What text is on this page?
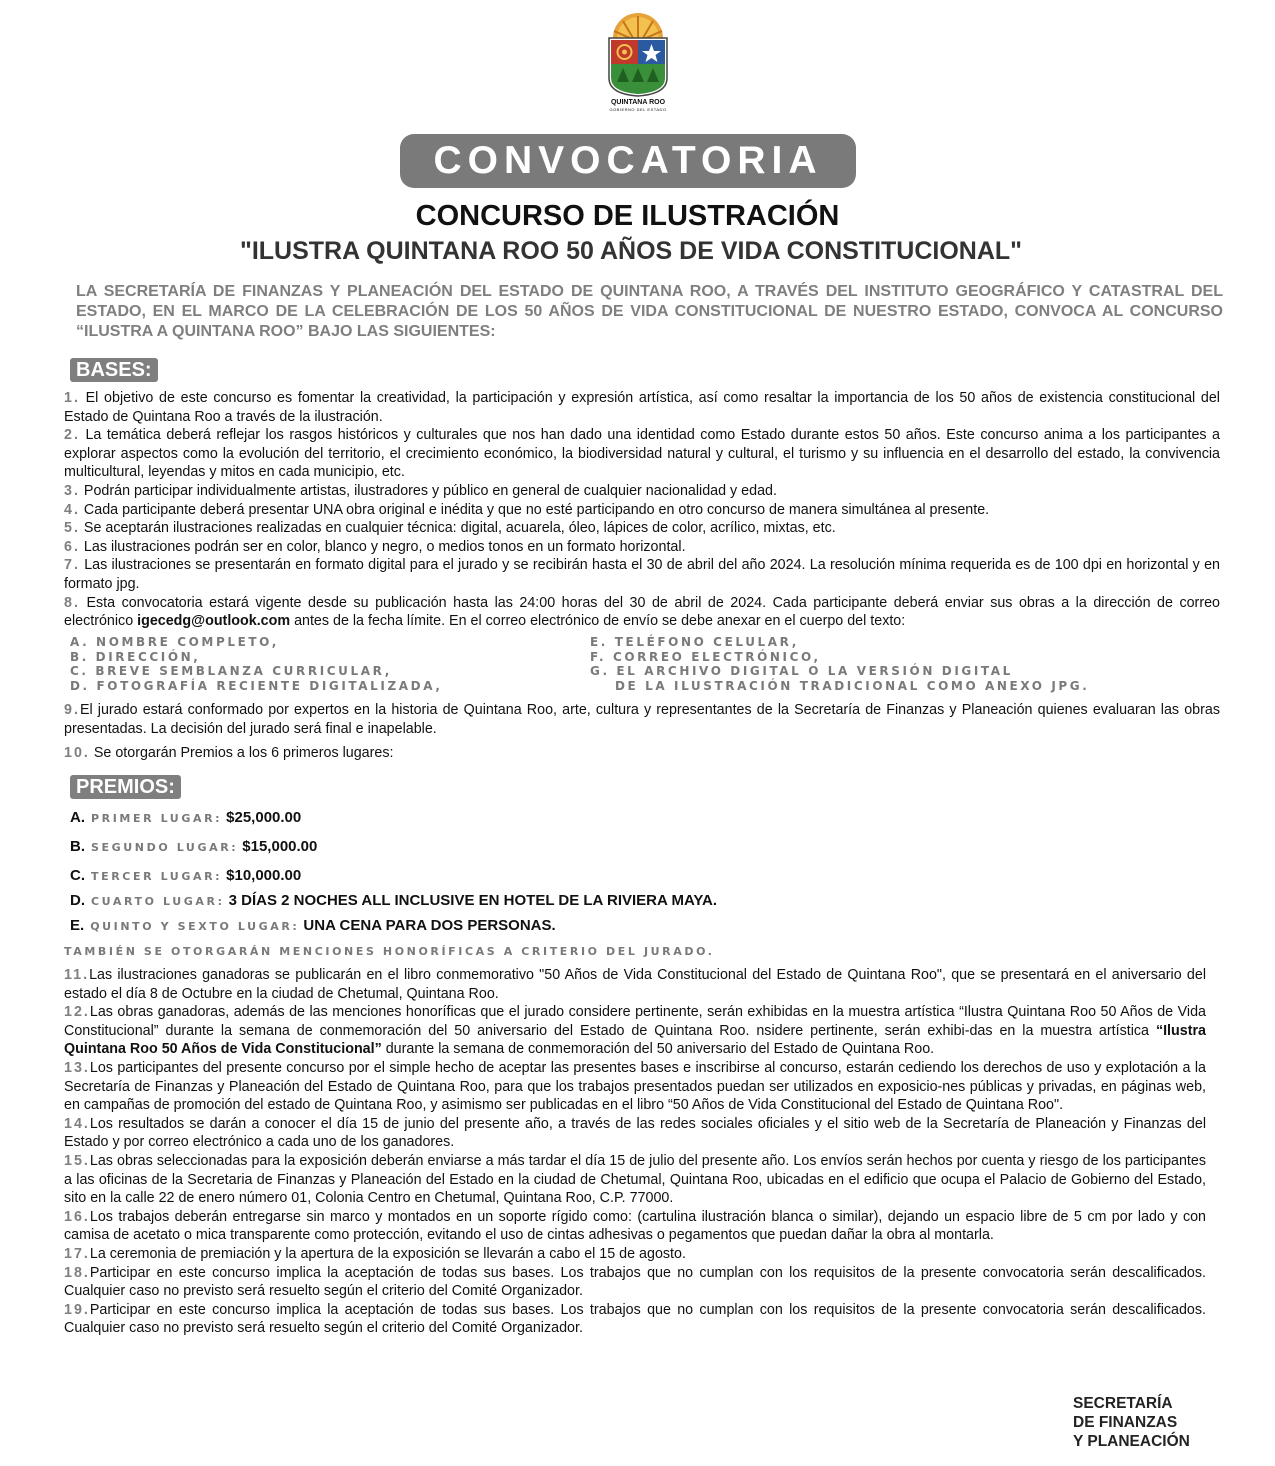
QUINTANA ROO
GOBIERNO DEL ESTADO
CONVOCATORIA
CONCURSO DE ILUSTRACIÓN
"ILUSTRA QUINTANA ROO 50 AÑOS DE VIDA CONSTITUCIONAL"
LA SECRETARÍA DE FINANZAS Y PLANEACIÓN DEL ESTADO DE QUINTANA ROO, A TRAVÉS DEL INSTITUTO GEOGRÁFICO Y CATASTRAL DEL ESTADO, EN EL MARCO DE LA CELEBRACIÓN DE LOS 50 AÑOS DE VIDA CONSTITUCIONAL DE NUESTRO ESTADO, CONVOCA AL CONCURSO “ILUSTRA A QUINTANA ROO” BAJO LAS SIGUIENTES:
BASES:

1. El objetivo de este concurso es fomentar la creatividad, la participación y expresión artística, así como resaltar la importancia de los 50 años de existencia constitucional del Estado de Quintana Roo a través de la ilustración.

2. La temática deberá reflejar los rasgos históricos y culturales que nos han dado una identidad como Estado durante estos 50 años. Este concurso anima a los participantes a explorar aspectos como la evolución del territorio, el crecimiento económico, la biodiversidad natural y cultural, el turismo y su influencia en el desarrollo del estado, la convivencia multicultural, leyendas y mitos en cada municipio, etc.

3. Podrán participar individualmente artistas, ilustradores y público en general de cualquier nacionalidad y edad.

4. Cada participante deberá presentar UNA obra original e inédita y que no esté participando en otro concurso de manera simultánea al presente.

5. Se aceptarán ilustraciones realizadas en cualquier técnica: digital, acuarela, óleo, lápices de color, acrílico, mixtas, etc.

6. Las ilustraciones podrán ser en color, blanco y negro, o medios tonos en un formato horizontal.

7. Las ilustraciones se presentarán en formato digital para el jurado y se recibirán hasta el 30 de abril del año 2024. La resolución mínima requerida es de 100 dpi en horizontal y en formato jpg.

8. Esta convocatoria estará vigente desde su publicación hasta las 24:00 horas del 30 de abril de 2024. Cada participante deberá enviar sus obras a la dirección de correo electrónico igecedg@outlook.com antes de la fecha límite. En el correo electrónico de envío se debe anexar en el cuerpo del texto:

A. NOMBRE COMPLETO,
B. DIRECCIÓN,
C. BREVE SEMBLANZA CURRICULAR,
D. FOTOGRAFÍA RECIENTE DIGITALIZADA,
E. TELÉFONO CELULAR,
F. CORREO ELECTRÓNICO,
G. EL ARCHIVO DIGITAL O LA VERSIÓN DIGITAL
DE LA ILUSTRACIÓN TRADICIONAL COMO ANEXO JPG.

9.El jurado estará conformado por expertos en la historia de Quintana Roo, arte, cultura y representantes de la Secretaría de Finanzas y Planeación quienes evaluaran las obras presentadas. La decisión del jurado será final e inapelable.

10. Se otorgarán Premios a los 6 primeros lugares:

PREMIOS:
A. PRIMER LUGAR: $25,000.00
B. SEGUNDO LUGAR: $15,000.00
C. TERCER LUGAR: $10,000.00
D. CUARTO LUGAR: 3 DÍAS 2 NOCHES ALL INCLUSIVE EN HOTEL DE LA RIVIERA MAYA.
E. QUINTO Y SEXTO LUGAR: UNA CENA PARA DOS PERSONAS.
TAMBIÉN SE OTORGARÁN MENCIONES HONORÍFICAS A CRITERIO DEL JURADO.

11.Las ilustraciones ganadoras se publicarán en el libro conmemorativo "50 Años de Vida Constitucional del Estado de Quintana Roo", que se presentará en el aniversario del estado el día 8 de Octubre en la ciudad de Chetumal, Quintana Roo.

12.Las obras ganadoras, además de las menciones honoríficas que el jurado considere pertinente, serán exhibidas en la muestra artística “Ilustra Quintana Roo 50 Años de Vida Constitucional” durante la semana de conmemoración del 50 aniversario del Estado de Quintana Roo. nsidere pertinente, serán exhibi-das en la muestra artística “Ilustra Quintana Roo 50 Años de Vida Constitucional” durante la semana de conmemoración del 50 aniversario del Estado de Quintana Roo.

13.Los participantes del presente concurso por el simple hecho de aceptar las presentes bases e inscribirse al concurso, estarán cediendo los derechos de uso y explotación a la Secretaría de Finanzas y Planeación del Estado de Quintana Roo, para que los trabajos presentados puedan ser utilizados en exposicio-nes públicas y privadas, en páginas web, en campañas de promoción del estado de Quintana Roo, y asimismo ser publicadas en el libro “50 Años de Vida Constitucional del Estado de Quintana Roo".

14.Los resultados se darán a conocer el día 15 de junio del presente año, a través de las redes sociales oficiales y el sitio web de la Secretaría de Planeación y Finanzas del Estado y por correo electrónico a cada uno de los ganadores.

15.Las obras seleccionadas para la exposición deberán enviarse a más tardar el día 15 de julio del presente año. Los envíos serán hechos por cuenta y riesgo de los participantes a las oficinas de la Secretaria de Finanzas y Planeación del Estado en la ciudad de Chetumal, Quintana Roo, ubicadas en el edificio que ocupa el Palacio de Gobierno del Estado, sito en la calle 22 de enero número 01, Colonia Centro en Chetumal, Quintana Roo, C.P. 77000.

16.Los trabajos deberán entregarse sin marco y montados en un soporte rígido como: (cartulina ilustración blanca o similar), dejando un espacio libre de 5 cm por lado y con camisa de acetato o mica transparente como protección, evitando el uso de cintas adhesivas o pegamentos que puedan dañar la obra al montarla.

17.La ceremonia de premiación y la apertura de la exposición se llevarán a cabo el 15 de agosto.

18.Participar en este concurso implica la aceptación de todas sus bases. Los trabajos que no cumplan con los requisitos de la presente convocatoria serán descalificados. Cualquier caso no previsto será resuelto según el criterio del Comité Organizador.

19.Participar en este concurso implica la aceptación de todas sus bases. Los trabajos que no cumplan con los requisitos de la presente convocatoria serán descalificados. Cualquier caso no previsto será resuelto según el criterio del Comité Organizador.

SECRETARÍA
DE FINANZAS
Y PLANEACIÓN
